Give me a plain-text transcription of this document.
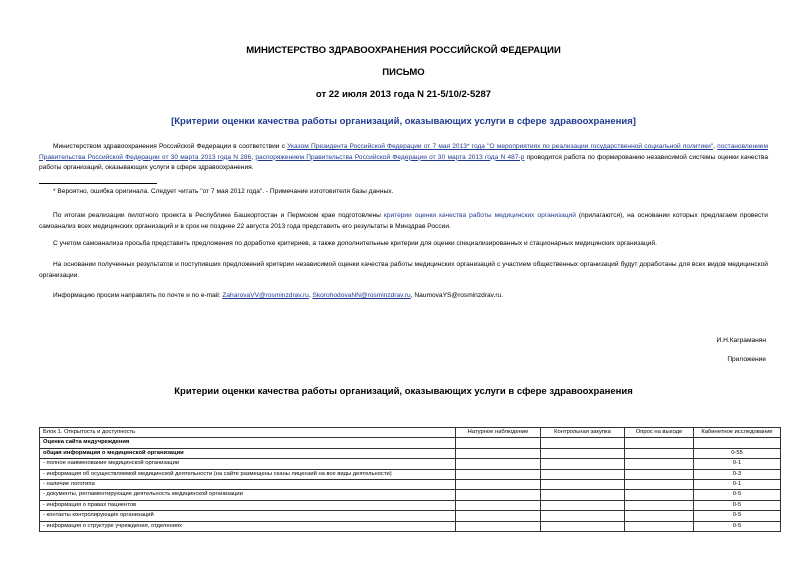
МИНИСТЕРСТВО ЗДРАВООХРАНЕНИЯ РОССИЙСКОЙ ФЕДЕРАЦИИ
ПИСЬМО
от 22 июля 2013 года N 21-5/10/2-5287
[Критерии оценки качества работы организаций, оказывающих услуги в сфере здравоохранения]

Министерством здравоохранения Российской Федерации в соответствии с Указом Президента Российской Федерации от 7 мая 2013* года "О мероприятиях по реализации государственной социальной политики", постановлением Правительства Российской Федерации от 30 марта 2013 года N 286, распоряжением Правительства Российской Федерации от 30 марта 2013 года N 487-р проводится работа по формированию независимой системы оценки качества работы организаций, оказывающих услуги в сфере здравоохранения.

* Вероятно, ошибка оригинала. Следует читать "от 7 мая 2012 года". - Примечание изготовителя базы данных.

По итогам реализации пилотного проекта в Республике Башкортостан и Пермском крае подготовлены критерии оценки качества работы медицинских организаций (прилагаются), на основании которых предлагаем провести самоанализ всех медицинских организаций и в срок не позднее 22 августа 2013 года представить его результаты в Минздрав России.

С учетом самоанализа просьба представить предложения по доработке критериев, а также дополнительные критерии для оценки специализированных и стационарных медицинских организаций.

На основании полученных результатов и поступивших предложений критерии независимой оценки качества работы медицинских организаций с участием общественных организаций будут доработаны для всех видов медицинской организации.

Информацию просим направлять по почте и по e-mail: ZaharovaVV@rosminzdrav.ru, SkorohodovaNN@rosminzdrav.ru, NaumovaYS@rosminzdrav.ru.

И.Н.Каграманян
Приложение
Критерии оценки качества работы организаций, оказывающих услуги в сфере здравоохранения
Блок 1. Открытость и доступность	Натурное наблюдение	Контрольная закупка	Опрос на выходе	Кабинетное исследование
Оценка сайта медучреждения				
общая информация о медицинской организации				0-55
- полное наименование медицинской организации				0-1
- информация об осуществляемой медицинской деятельности (на сайте размещены сканы лицензий на все виды деятельности)				0-3
- наличие логотипа				0-1
- документы, регламентирующие деятельность медицинской организации				0-5
- информация о правах пациентов				0-5
- контакты контролирующих организаций				0-5
- информация о структуре учреждения, отделениях				0-5
